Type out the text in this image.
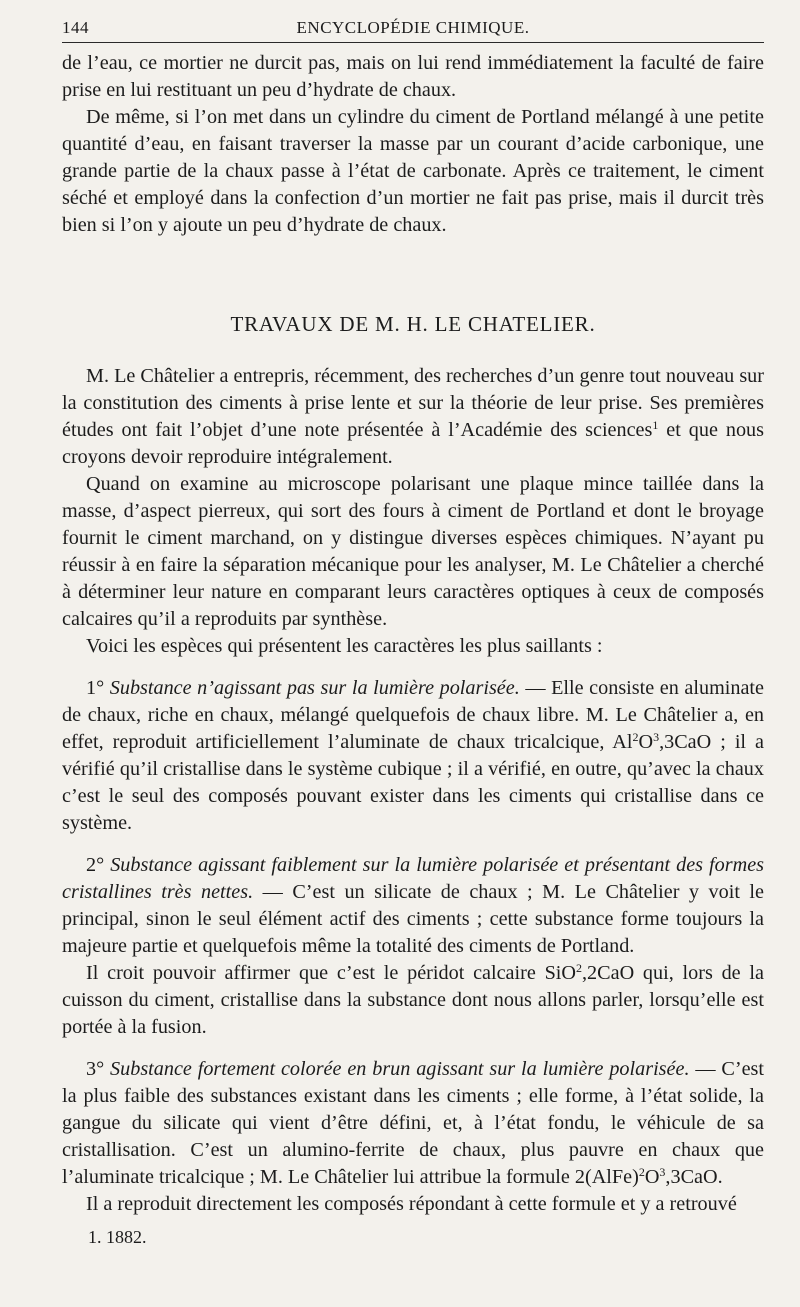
144	ENCYCLOPÉDIE CHIMIQUE.

de l’eau, ce mortier ne durcit pas, mais on lui rend immédiatement la faculté de faire prise en lui restituant un peu d’hydrate de chaux.

De même, si l’on met dans un cylindre du ciment de Portland mélangé à une petite quantité d’eau, en faisant traverser la masse par un courant d’acide carbonique, une grande partie de la chaux passe à l’état de carbonate. Après ce traitement, le ciment séché et employé dans la confection d’un mortier ne fait pas prise, mais il durcit très bien si l’on y ajoute un peu d’hydrate de chaux.

TRAVAUX DE M. H. LE CHATELIER.

M. Le Châtelier a entrepris, récemment, des recherches d’un genre tout nouveau sur la constitution des ciments à prise lente et sur la théorie de leur prise. Ses premières études ont fait l’objet d’une note présentée à l’Académie des sciences$^1$ et que nous croyons devoir reproduire intégralement.

Quand on examine au microscope polarisant une plaque mince taillée dans la masse, d’aspect pierreux, qui sort des fours à ciment de Portland et dont le broyage fournit le ciment marchand, on y distingue diverses espèces chimiques. N’ayant pu réussir à en faire la séparation mécanique pour les analyser, M. Le Châtelier a cherché à déterminer leur nature en comparant leurs caractères optiques à ceux de composés calcaires qu’il a reproduits par synthèse.

Voici les espèces qui présentent les caractères les plus saillants :

1° Substance n’agissant pas sur la lumière polarisée. — Elle consiste en aluminate de chaux, riche en chaux, mélangé quelquefois de chaux libre. M. Le Châtelier a, en effet, reproduit artificiellement l’aluminate de chaux tricalcique, $Al^2O^3,3CaO$ ; il a vérifié qu’il cristallise dans le système cubique ; il a vérifié, en outre, qu’avec la chaux c’est le seul des composés pouvant exister dans les ciments qui cristallise dans ce système.

2° Substance agissant faiblement sur la lumière polarisée et présentant des formes cristallines très nettes. — C’est un silicate de chaux ; M. Le Châtelier y voit le principal, sinon le seul élément actif des ciments ; cette substance forme toujours la majeure partie et quelquefois même la totalité des ciments de Portland.

Il croit pouvoir affirmer que c’est le péridot calcaire SiO$^2$,2CaO qui, lors de la cuisson du ciment, cristallise dans la substance dont nous allons parler, lorsqu’elle est portée à la fusion.

3° Substance fortement colorée en brun agissant sur la lumière polarisée. — C’est la plus faible des substances existant dans les ciments ; elle forme, à l’état solide, la gangue du silicate qui vient d’être défini, et, à l’état fondu, le véhicule de sa cristallisation. C’est un alumino-ferrite de chaux, plus pauvre en chaux que l’aluminate tricalcique ; M. Le Châtelier lui attribue la formule $2(AlFe)^2O^3,3CaO$.

Il a reproduit directement les composés répondant à cette formule et y a retrouvé

1. 1882.
